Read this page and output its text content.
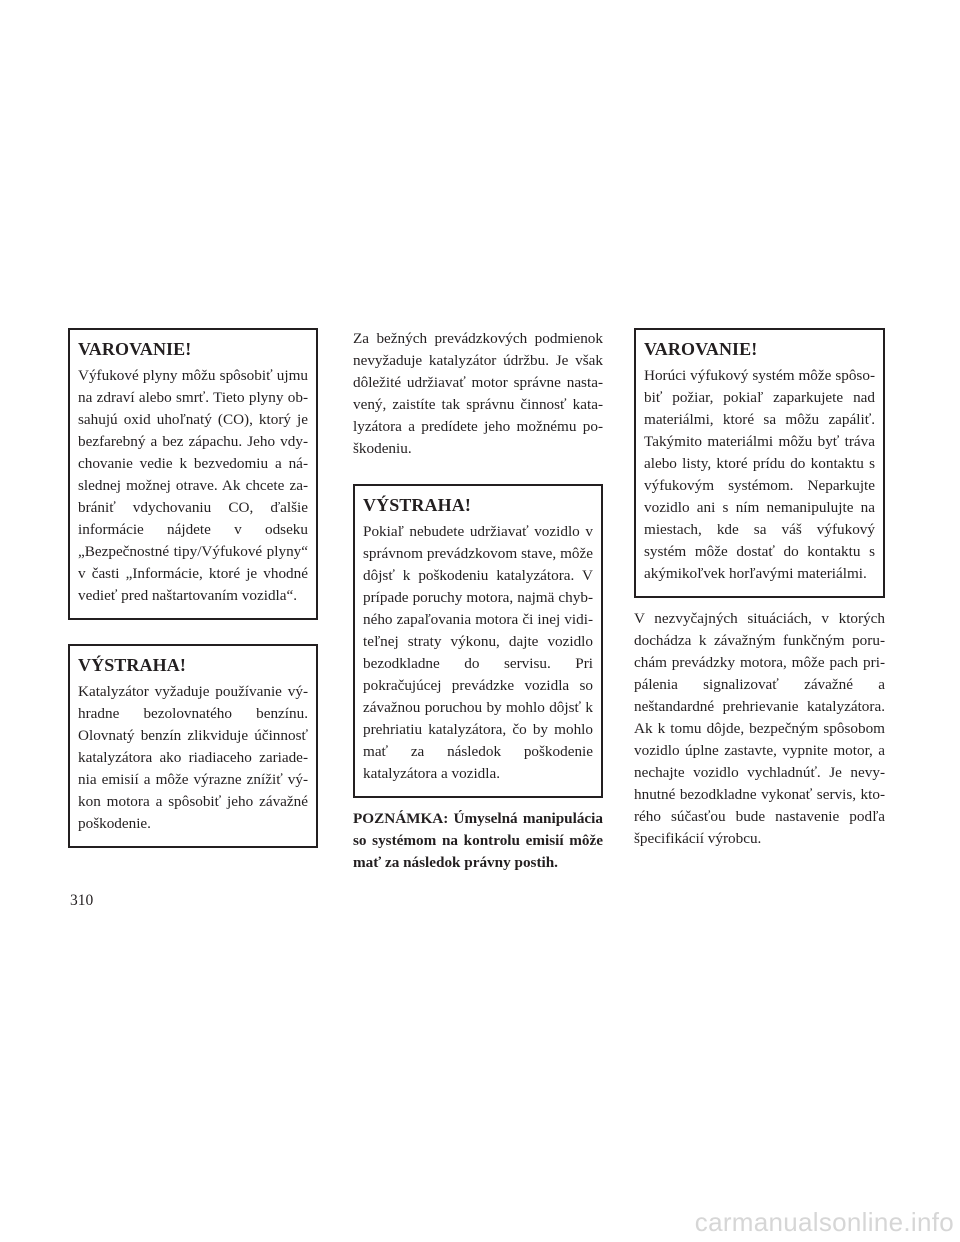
VAROVANIE!

Výfukové plyny môžu spôsobiť ujmu na zdraví alebo smrť. Tieto plyny obsahujú oxid uhoľnatý (CO), ktorý je bezfarebný a bez zápachu. Jeho vdychovanie vedie k bezvedomiu a následnej možnej otrave. Ak chcete zabrániť vdychovaniu CO, ďalšie informácie nájdete v odseku „Bezpečnostné tipy/Výfukové plyny“ v časti „Informácie, ktoré je vhodné vedieť pred naštartovaním vozidla“.

VÝSTRAHA!

Katalyzátor vyžaduje používanie výhradne bezolovnatého benzínu. Olovnatý benzín zlikviduje účinnosť katalyzátora ako riadiaceho zariadenia emisií a môže výrazne znížiť výkon motora a spôsobiť jeho závažné poškodenie.

Za bežných prevádzkových podmienok nevyžaduje katalyzátor údržbu. Je však dôležité udržiavať motor správne nastavený, zaistíte tak správnu činnosť katalyzátora a predídete jeho možnému poškodeniu.

VÝSTRAHA!

Pokiaľ nebudete udržiavať vozidlo v správnom prevádzkovom stave, môže dôjsť k poškodeniu katalyzátora. V prípade poruchy motora, najmä chybného zapaľovania motora či inej viditeľnej straty výkonu, dajte vozidlo bezodkladne do servisu. Pri pokračujúcej prevádzke vozidla so závažnou poruchou by mohlo dôjsť k prehriatiu katalyzátora, čo by mohlo mať za následok poškodenie katalyzátora a vozidla.

POZNÁMKA: Úmyselná manipulácia so systémom na kontrolu emisií môže mať za následok právny postih.

VAROVANIE!

Horúci výfukový systém môže spôsobiť požiar, pokiaľ zaparkujete nad materiálmi, ktoré sa môžu zapáliť. Takýmito materiálmi môžu byť tráva alebo listy, ktoré prídu do kontaktu s výfukovým systémom. Neparkujte vozidlo ani s ním nemanipulujte na miestach, kde sa váš výfukový systém môže dostať do kontaktu s akýmikoľvek horľavými materiálmi.

V nezvyčajných situáciách, v ktorých dochádza k závažným funkčným poruchám prevádzky motora, môže pach pripálenia signalizovať závažné a neštandardné prehrievanie katalyzátora. Ak k tomu dôjde, bezpečným spôsobom vozidlo úplne zastavte, vypnite motor, a nechajte vozidlo vychladnúť. Je nevyhnutné bezodkladne vykonať servis, ktorého súčasťou bude nastavenie podľa špecifikácií výrobcu.

310
carmanualsonline.info
